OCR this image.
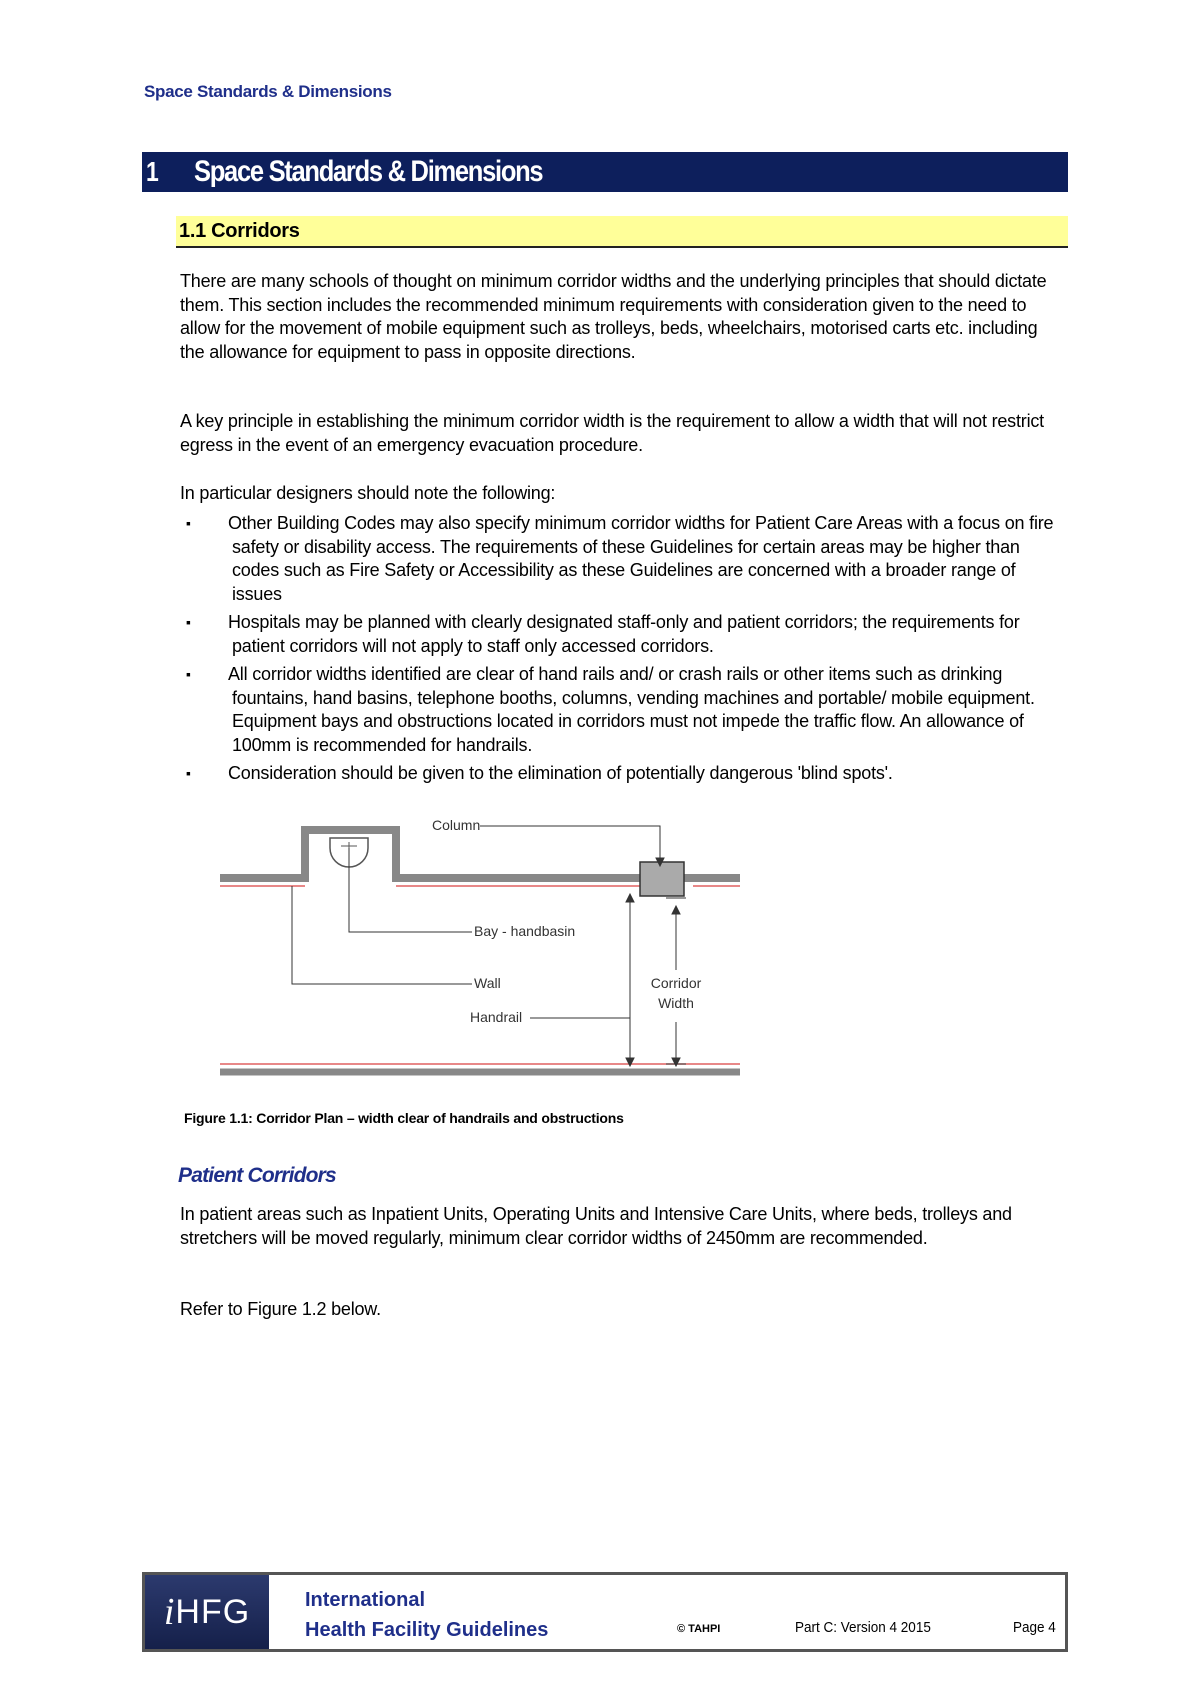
Space Standards & Dimensions
1	Space Standards & Dimensions
1.1 Corridors
There are many schools of thought on minimum corridor widths and the underlying principles that should dictate them. This section includes the recommended minimum requirements with consideration given to the need to allow for the movement of mobile equipment such as trolleys, beds, wheelchairs, motorised carts etc. including the allowance for equipment to pass in opposite directions.
A key principle in establishing the minimum corridor width is the requirement to allow a width that will not restrict egress in the event of an emergency evacuation procedure.
In particular designers should note the following:
▪ Other Building Codes may also specify minimum corridor widths for Patient Care Areas with a focus on fire safety or disability access. The requirements of these Guidelines for certain areas may be higher than codes such as Fire Safety or Accessibility as these Guidelines are concerned with a broader range of issues
▪ Hospitals may be planned with clearly designated staff-only and patient corridors; the requirements for patient corridors will not apply to staff only accessed corridors.
▪ All corridor widths identified are clear of hand rails and/ or crash rails or other items such as drinking fountains, hand basins, telephone booths, columns, vending machines and portable/ mobile equipment. Equipment bays and obstructions located in corridors must not impede the traffic flow. An allowance of 100mm is recommended for handrails.
▪ Consideration should be given to the elimination of potentially dangerous 'blind spots'.
Column
Bay - handbasin
Wall
Handrail
Corridor
Width
Figure 1.1: Corridor Plan – width clear of handrails and obstructions
Patient Corridors
In patient areas such as Inpatient Units, Operating Units and Intensive Care Units, where beds, trolleys and stretchers will be moved regularly, minimum clear corridor widths of 2450mm are recommended.
Refer to Figure 1.2 below.
i HFG	International
Health Facility Guidelines	© TAHPI	Part C: Version 4 2015	Page 4
